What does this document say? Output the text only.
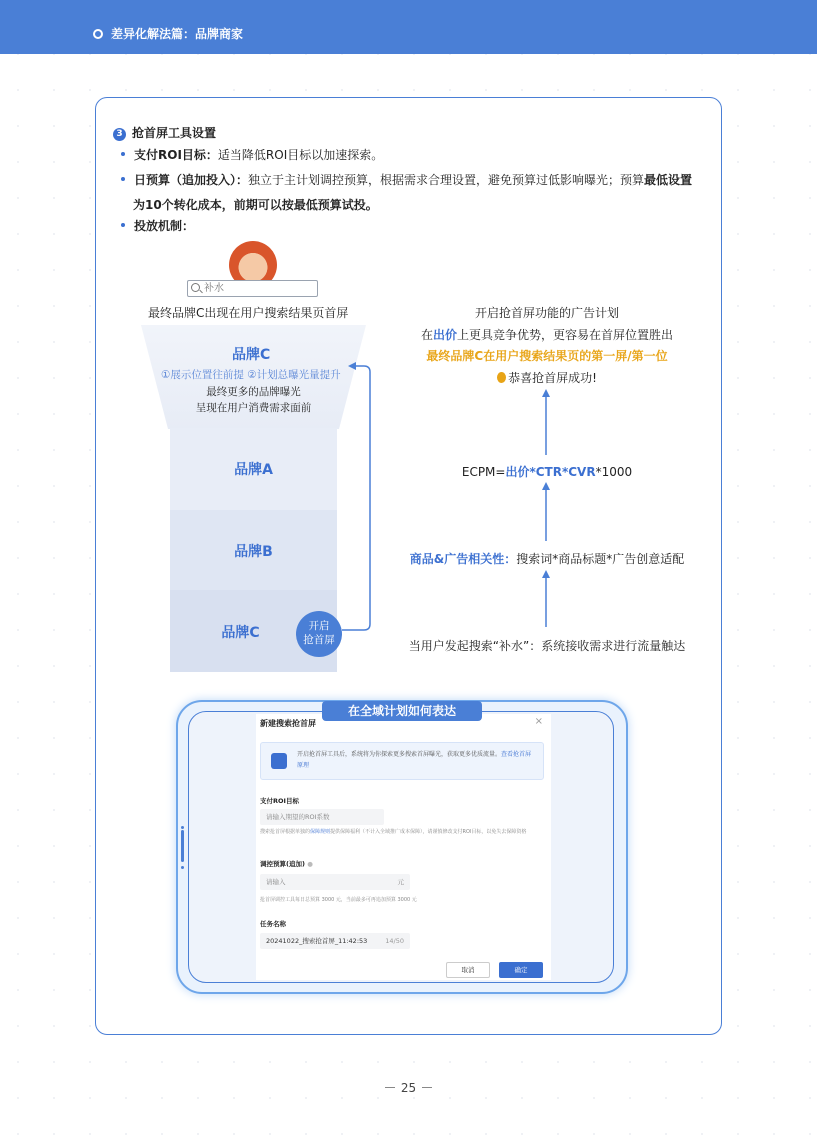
差异化解法篇：品牌商家
3 抢首屏工具设置
支付ROI目标：适当降低ROI目标以加速探索。
日预算（追加投入）：独立于主计划调控预算，根据需求合理设置，避免预算过低影响曝光；预算最低设置为10个转化成本，前期可以按最低预算试投。
投放机制：
补水
最终品牌C出现在用户搜索结果页首屏
品牌C
①展示位置往前提 ②计划总曝光量提升
最终更多的品牌曝光
呈现在用户消费需求面前
品牌A
品牌B
品牌C	开启
抢首屏
开启抢首屏功能的广告计划
在出价上更具竞争优势，更容易在首屏位置胜出
最终品牌C在用户搜索结果页的第一屏/第一位
恭喜抢首屏成功!
ECPM=出价*CTR*CVR*1000
商品&广告相关性：搜索词*商品标题*广告创意适配
当用户发起搜索“补水”：系统接收需求进行流量触达
新建搜索抢首屏	×
开启抢首屏工具后，系统将为你探索更多搜索首屏曝光，获取更多优质流量。查看抢首屏原理
支付ROI目标
请输入期望的ROI系数
搜索抢首屏根据单独的保障规则提供保障福利（不计入全域推广成本保障），请谨慎修改支付ROI目标，以免失去保障资格
调控预算(追加) ●
请输入	元
抢首屏调控工具每日总预算 3000 元，当前最多可再追加预算 3000 元
任务名称
20241022_搜索抢首屏_11:42:53	14/50
取消	确定
在全域计划如何表达
25
